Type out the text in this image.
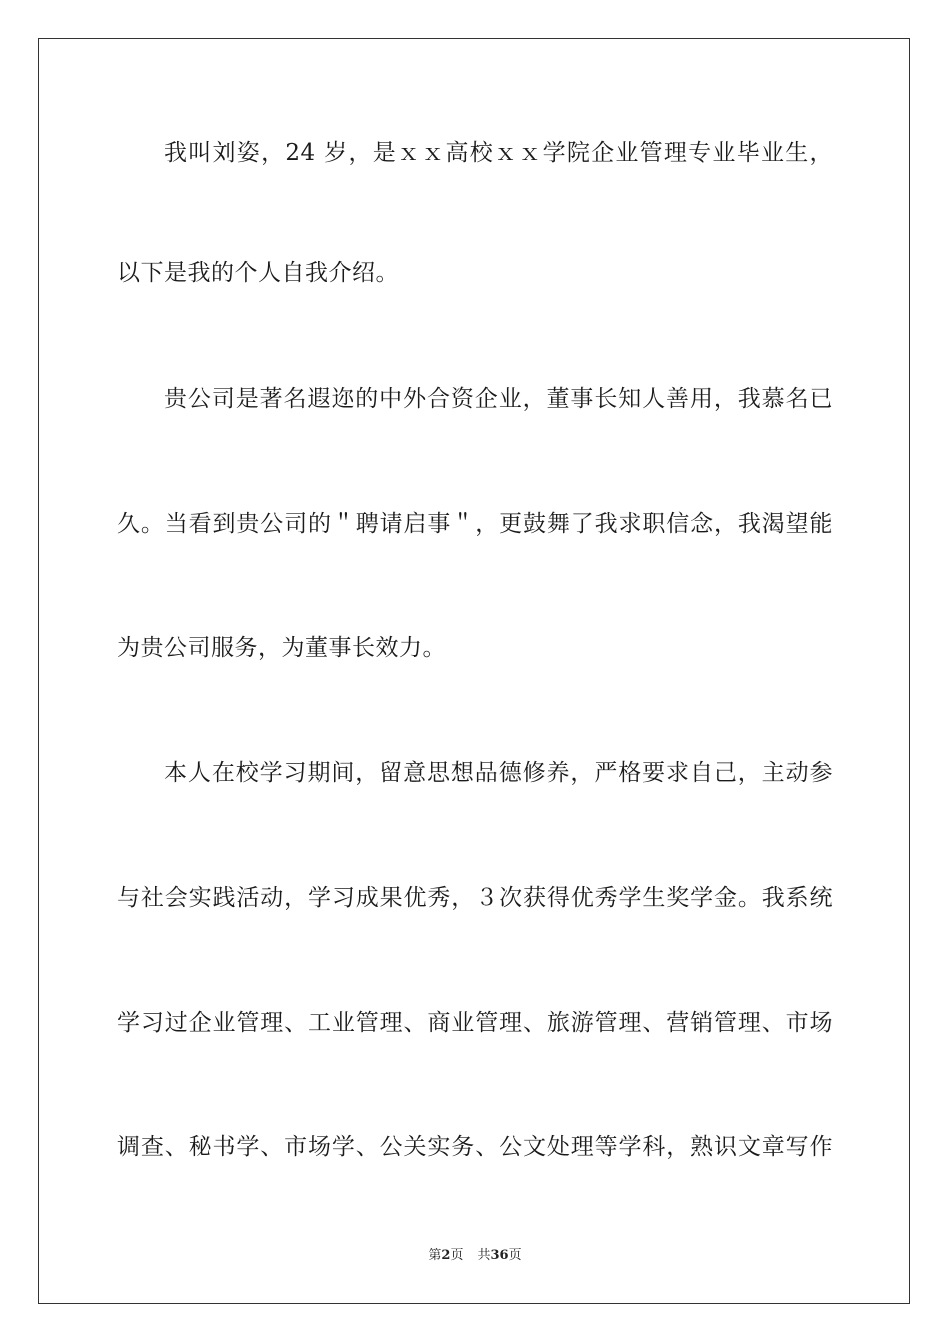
我叫刘姿，24 岁，是ｘｘ高校ｘｘ学院企业管理专业毕业生，
以下是我的个人自我介绍。
贵公司是著名遐迩的中外合资企业，董事长知人善用，我慕名已
久。当看到贵公司的＂聘请启事＂，更鼓舞了我求职信念，我渴望能
为贵公司服务，为董事长效力。
本人在校学习期间，留意思想品德修养，严格要求自己，主动参
与社会实践活动，学习成果优秀，３次获得优秀学生奖学金。我系统
学习过企业管理、工业管理、商业管理、旅游管理、营销管理、市场
调查、秘书学、市场学、公关实务、公文处理等学科，熟识文章写作
第2页 共36页
